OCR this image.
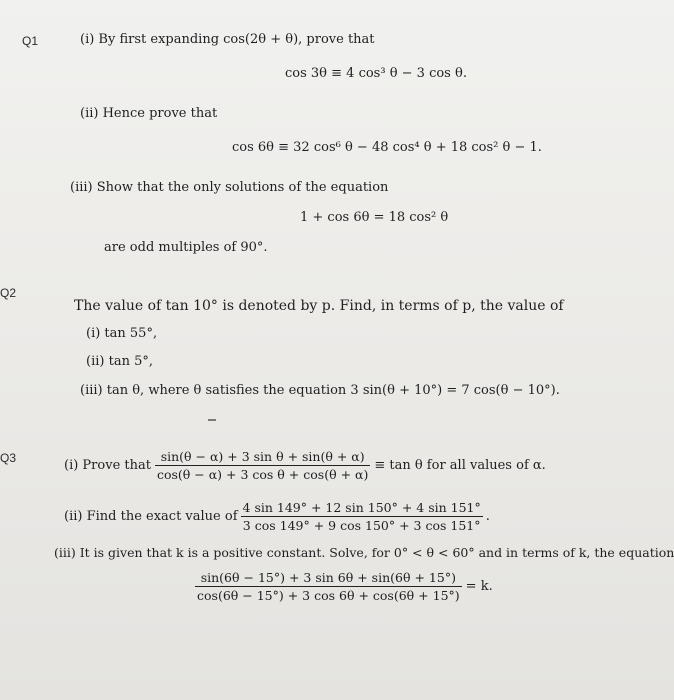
Q1	(i) By first expanding cos(2θ + θ), prove that
cos 3θ ≡ 4 cos³ θ − 3 cos θ.
(ii) Hence prove that
cos 6θ ≡ 32 cos⁶ θ − 48 cos⁴ θ + 18 cos² θ − 1.
(iii) Show that the only solutions of the equation
1 + cos 6θ = 18 cos² θ
are odd multiples of 90°.
Q2
The value of tan 10° is denoted by p. Find, in terms of p, the value of
(i) tan 55°,
(ii) tan 5°,
(iii) tan θ, where θ satisfies the equation 3 sin(θ + 10°) = 7 cos(θ − 10°).
Q3	(i) Prove that $\frac{\text{sin(θ − α) + 3 sin θ + sin(θ + α)}}{\text{cos(θ − α) + 3 cos θ + cos(θ + α)}} \equiv \tan \theta$ for all values of α.
(ii) Find the exact value of $\frac{4 \sin 149^\circ + 12 \sin 150^\circ + 4 \sin 151^\circ}{3 \cos 149^\circ + 9 \cos 150^\circ + 3 \cos 151^\circ}$ .
(iii) It is given that k is a positive constant. Solve, for 0° < θ < 60° and in terms of k, the equation
$\frac{\sin(6\theta - 15^\circ) + 3 \sin 6\theta + \sin(6\theta + 15^\circ)}{\cos(6\theta - 15^\circ) + 3 \cos 6\theta + \cos(6\theta + 15^\circ)} = k$.
